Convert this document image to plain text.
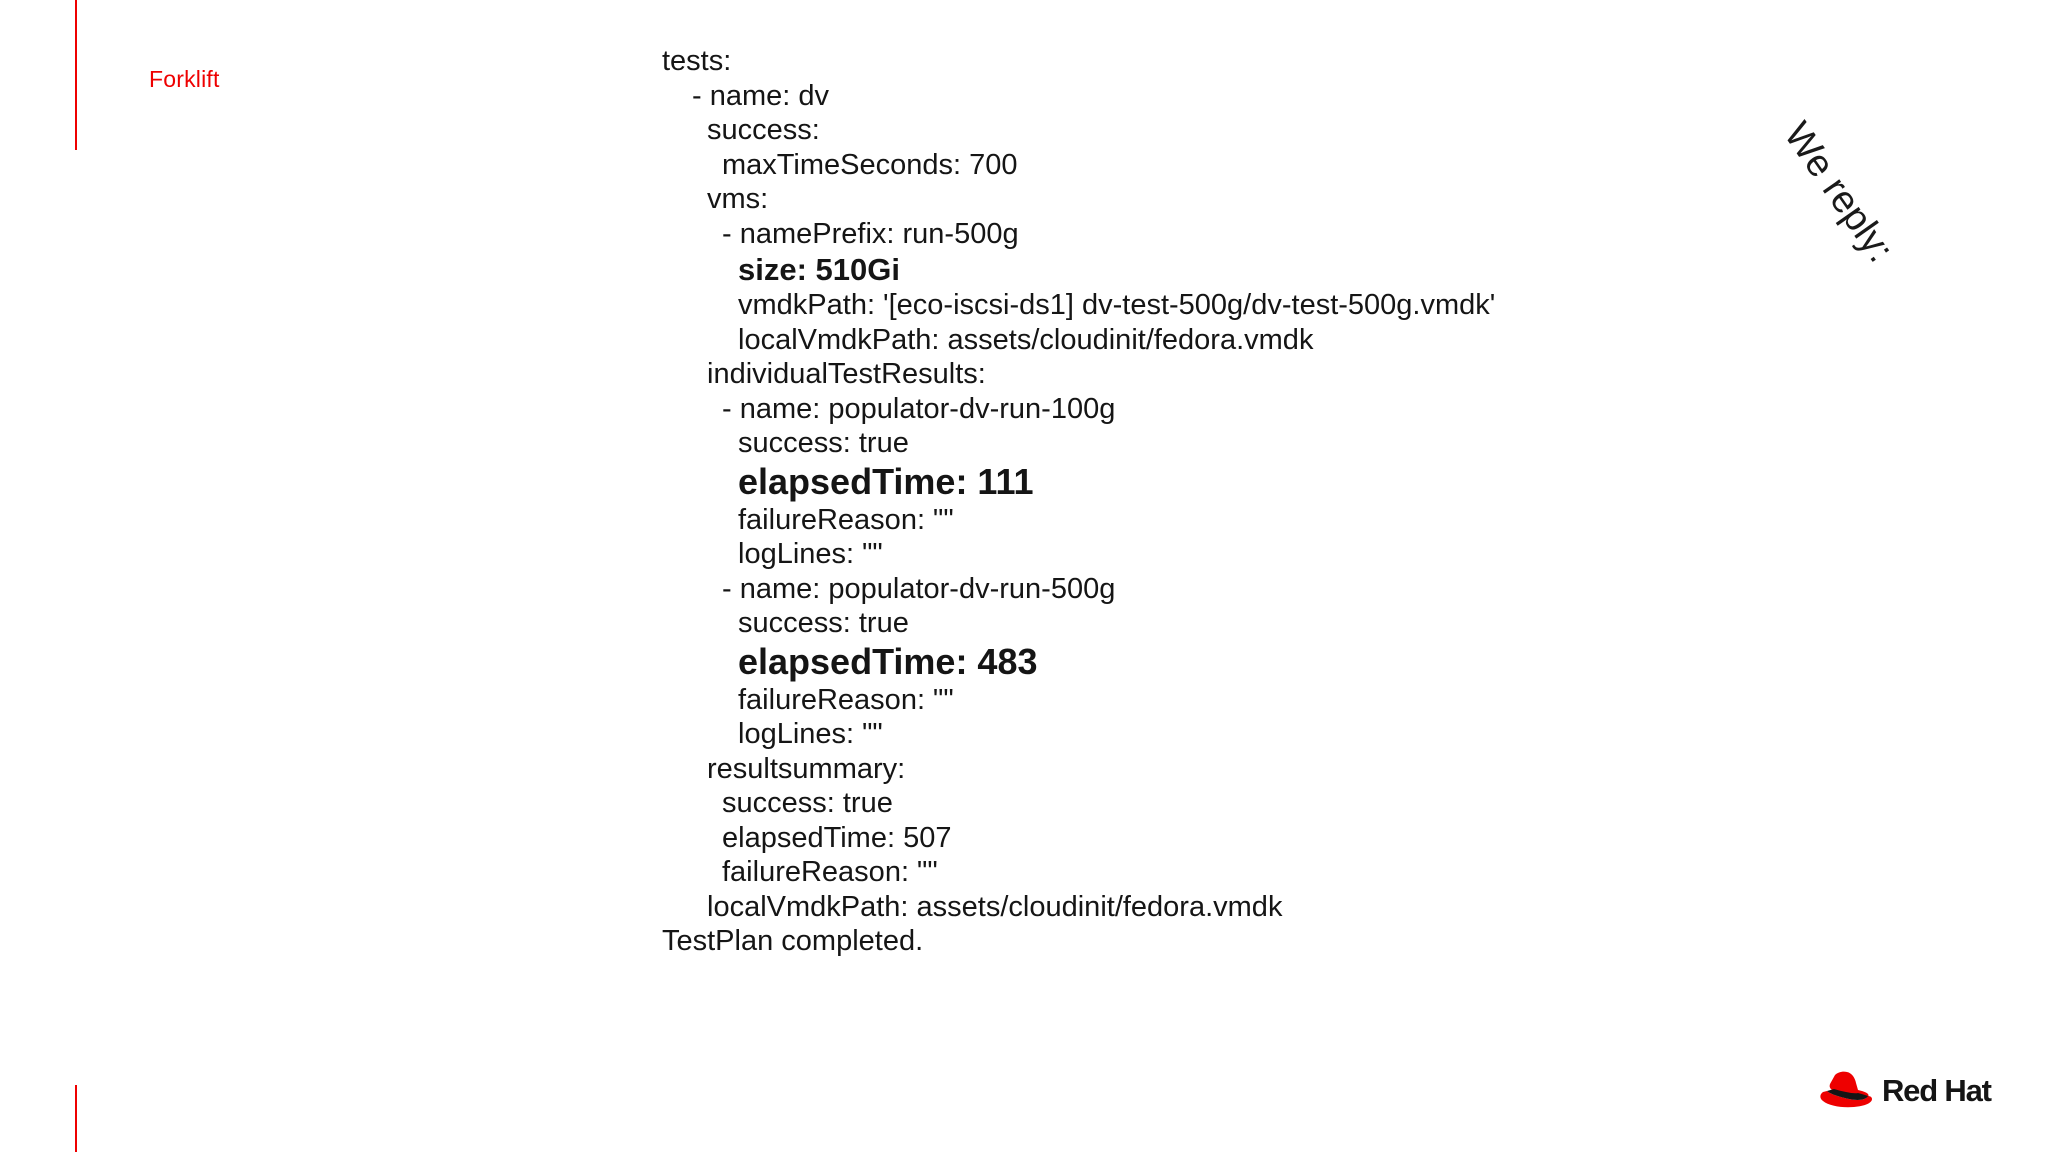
Forklift
We reply:
tests:
- name: dv
success:
maxTimeSeconds: 700
vms:
- namePrefix: run-500g
size: 510Gi
vmdkPath: '[eco-iscsi-ds1] dv-test-500g/dv-test-500g.vmdk'
localVmdkPath: assets/cloudinit/fedora.vmdk
individualTestResults:
- name: populator-dv-run-100g
success: true
elapsedTime: 111
failureReason: ""
logLines: ""
- name: populator-dv-run-500g
success: true
elapsedTime: 483
failureReason: ""
logLines: ""
resultsummary:
success: true
elapsedTime: 507
failureReason: ""
localVmdkPath: assets/cloudinit/fedora.vmdk
TestPlan completed.
Red Hat
